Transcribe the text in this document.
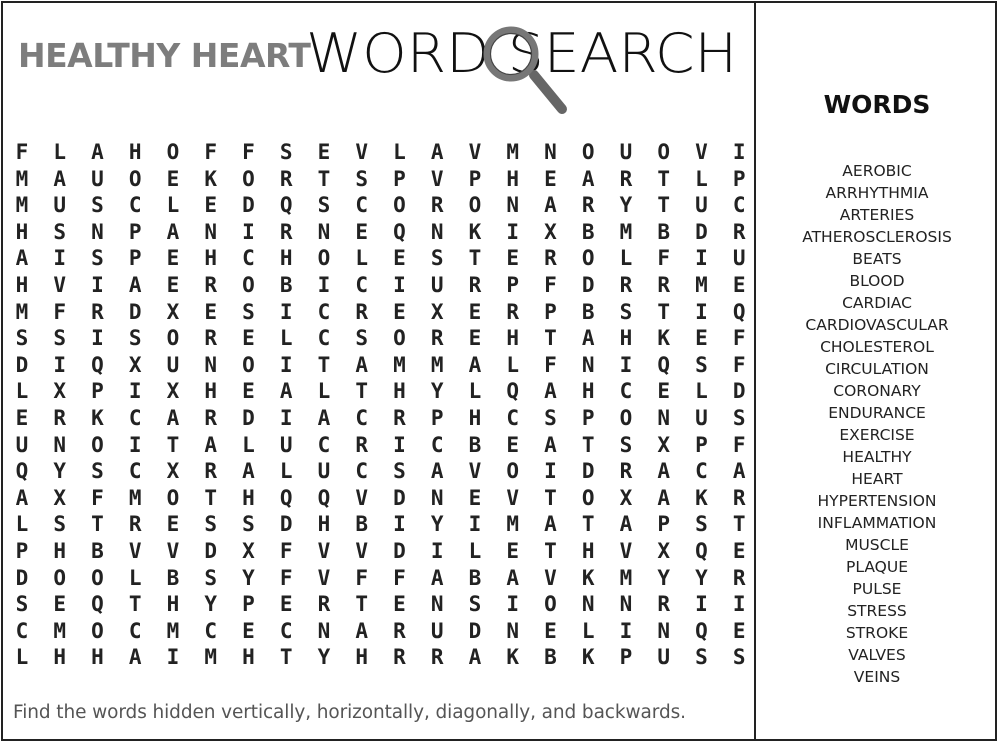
HEALTHY HEART
WORD SEARCH
F	L	A	H	O	F	F	S	E	V	L	A	V	M	N	O	U	O	V	I
M	A	U	O	E	K	O	R	T	S	P	V	P	H	E	A	R	T	L	P
M	U	S	C	L	E	D	Q	S	C	O	R	O	N	A	R	Y	T	U	C
H	S	N	P	A	N	I	R	N	E	Q	N	K	I	X	B	M	B	D	R
A	I	S	P	E	H	C	H	O	L	E	S	T	E	R	O	L	F	I	U
H	V	I	A	E	R	O	B	I	C	I	U	R	P	F	D	R	R	M	E
M	F	R	D	X	E	S	I	C	R	E	X	E	R	P	B	S	T	I	Q
S	S	I	S	O	R	E	L	C	S	O	R	E	H	T	A	H	K	E	F
D	I	Q	X	U	N	O	I	T	A	M	M	A	L	F	N	I	Q	S	F
L	X	P	I	X	H	E	A	L	T	H	Y	L	Q	A	H	C	E	L	D
E	R	K	C	A	R	D	I	A	C	R	P	H	C	S	P	O	N	U	S
U	N	O	I	T	A	L	U	C	R	I	C	B	E	A	T	S	X	P	F
Q	Y	S	C	X	R	A	L	U	C	S	A	V	O	I	D	R	A	C	A
A	X	F	M	O	T	H	Q	Q	V	D	N	E	V	T	O	X	A	K	R
L	S	T	R	E	S	S	D	H	B	I	Y	I	M	A	T	A	P	S	T
P	H	B	V	V	D	X	F	V	V	D	I	L	E	T	H	V	X	Q	E
D	O	O	L	B	S	Y	F	V	F	F	A	B	A	V	K	M	Y	Y	R
S	E	Q	T	H	Y	P	E	R	T	E	N	S	I	O	N	N	R	I	I
C	M	O	C	M	C	E	C	N	A	R	U	D	N	E	L	I	N	Q	E
L	H	H	A	I	M	H	T	Y	H	R	R	A	K	B	K	P	U	S	S
Find the words hidden vertically, horizontally, diagonally, and backwards.
WORDS
AEROBIC
ARRHYTHMIA
ARTERIES
ATHEROSCLEROSIS
BEATS
BLOOD
CARDIAC
CARDIOVASCULAR
CHOLESTEROL
CIRCULATION
CORONARY
ENDURANCE
EXERCISE
HEALTHY
HEART
HYPERTENSION
INFLAMMATION
MUSCLE
PLAQUE
PULSE
STRESS
STROKE
VALVES
VEINS
